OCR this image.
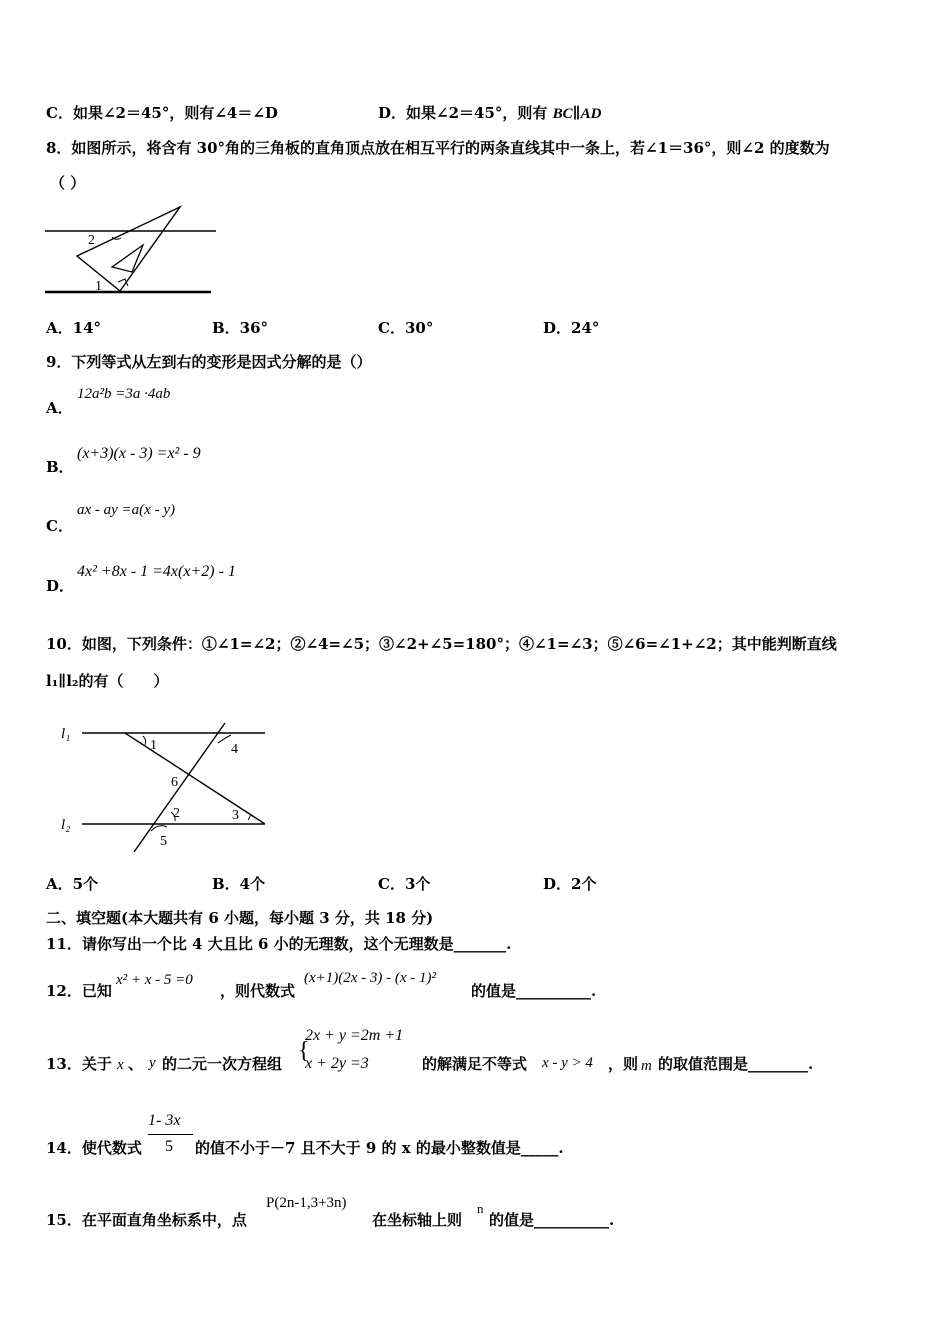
C．如果∠2＝45°，则有∠4＝∠D	D．如果∠2＝45°，则有 BC∥AD
8．如图所示，将含有 30°角的三角板的直角顶点放在相互平行的两条直线其中一条上，若∠1＝36°，则∠2 的度数为
（ ）
2
1
A．14°	B．36°	C．30°	D．24°
9．下列等式从左到右的变形是因式分解的是（）
A．
12a²b =3a ·4ab
B．
(x+3)(x - 3) =x² - 9
C．
ax - ay =a(x - y)
D．
4x² +8x - 1 =4x(x+2) - 1
10．如图，下列条件：①∠1=∠2；②∠4=∠5；③∠2+∠5=180°；④∠1=∠3；⑤∠6=∠1+∠2；其中能判断直线
l₁∥l₂的有（　　）
l₁
l₂
1	4
6
2	3
5
A．5个	B．4个	C．3个	D．2个
二、填空题(本大题共有 6 小题，每小题 3 分，共 18 分)
11．请你写出一个比 4 大且比 6 小的无理数，这个无理数是_______.
12．已知
x² + x - 5 =0
，则代数式
(x+1)(2x - 3) - (x - 1)²
的值是__________.
13．关于 x 、 y 的二元一次方程组 {
2x + y =2m +1
x + 2y =3	的解满足不等式 x - y > 4 ，则 m 的取值范围是________.
14．使代数式
1- 3x
5 的值不小于－7 且不大于 9 的 x 的最小整数值是_____.
15．在平面直角坐标系中，点
P(2n-1,3+3n)
在坐标轴上则
n
的值是__________.
